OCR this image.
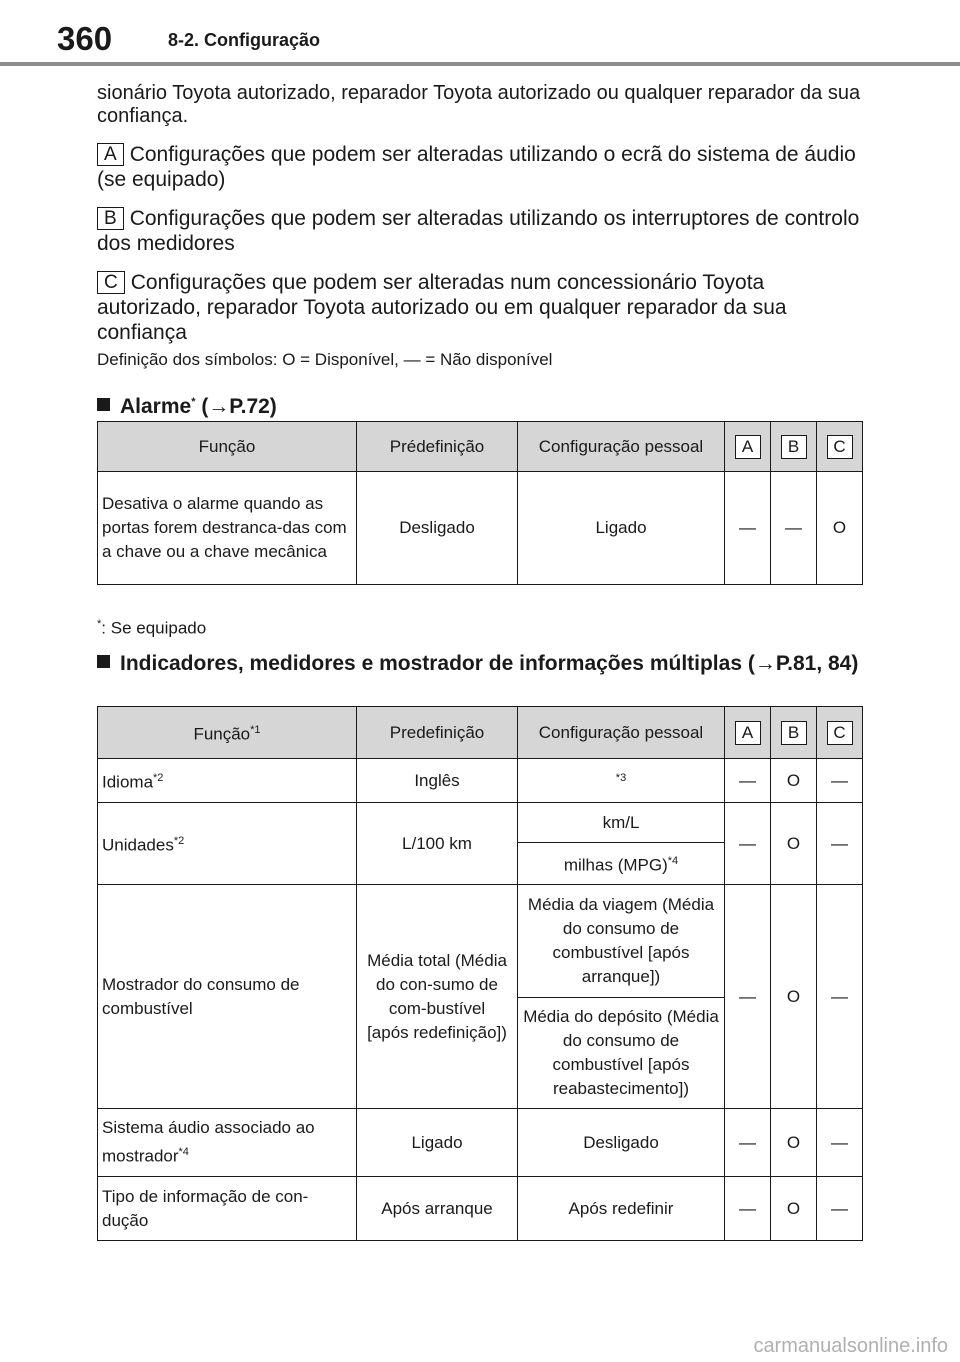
360	8-2. Configuração

sionário Toyota autorizado, reparador Toyota autorizado ou qualquer reparador da sua confiança.

A Configurações que podem ser alteradas utilizando o ecrã do sistema de áudio (se equipado)

B Configurações que podem ser alteradas utilizando os interruptores de controlo dos medidores

C Configurações que podem ser alteradas num concessionário Toyota autorizado, reparador Toyota autorizado ou em qualquer reparador da sua confiança

Definição dos símbolos: O = Disponível, — = Não disponível
Alarme* (→P.72)
Função	Prédefinição	Configuração pessoal	A	B	C
Desativa o alarme quando as portas forem destranca-das com a chave ou a chave mecânica	Desligado	Ligado	—	—	O
*: Se equipado
Indicadores, medidores e mostrador de informações múltiplas (→P.81, 84)
Função$^{*1}$	Predefinição	Configuração pessoal	A	B	C
Idioma$^{*2}$	Inglês	$^{*3}$	—	O	—
Unidades$^{*2}$	L/100 km	km/L	—	O	—
		milhas (MPG)$^{*4}$
Mostrador do consumo de combustível	Média total (Média do con-sumo de com-bustível [após redefinição])	Média da viagem (Média do consumo de combustível [após arranque])	—	O	—
		Média do depósito (Média do consumo de combustível [após reabastecimento])			
Sistema áudio associado ao mostrador$^{*4}$	Ligado	Desligado	—	O	—
Tipo de informação de con-dução	Após arranque	Após redefinir	—	O	—
carmanualsonline.info
